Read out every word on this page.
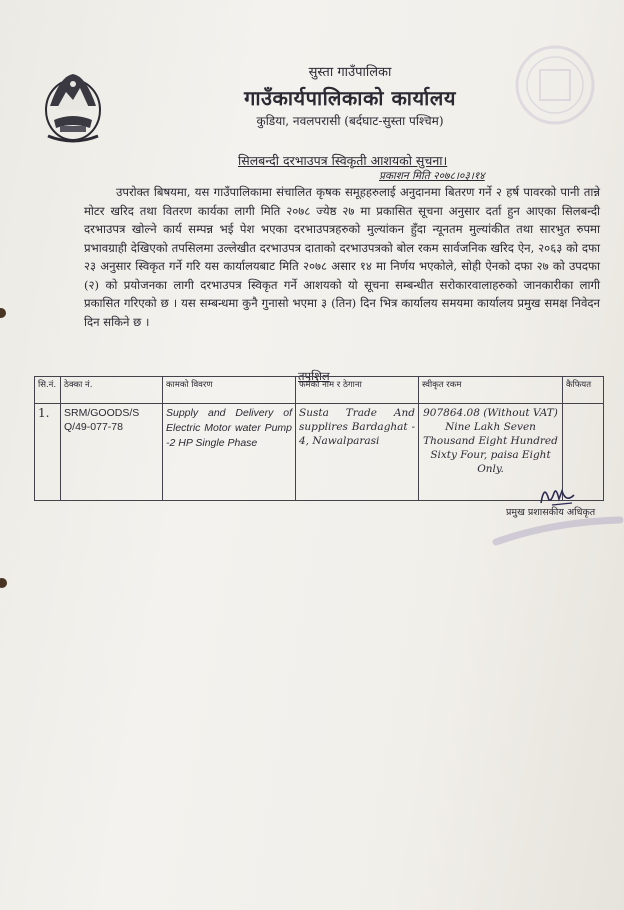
सुस्ता गाउँपालिका
गाउँकार्यपालिकाको कार्यालय
कुडिया, नवलपरासी (बर्दघाट-सुस्ता पश्चिम)
सिलबन्दी दरभाउपत्र स्विकृती आशयको सुचना।
प्रकाशन मिति २०७८।०३।१४
उपरोक्त बिषयमा, यस गाउँपालिकामा संचालित कृषक समूहहरुलाई अनुदानमा बितरण गर्ने २ हर्ष पावरको पानी तान्ने मोटर खरिद तथा वितरण कार्यका लागी मिति २०७८ ज्येष्ठ २७ मा प्रकासित सूचना अनुसार दर्ता हुन आएका सिलबन्दी दरभाउपत्र खोल्ने कार्य सम्पन्न भई पेश भएका दरभाउपत्रहरुको मुल्यांकन हुँदा न्यूनतम मुल्यांकीत तथा सारभुत रुपमा प्रभावग्राही देखिएको तपसिलमा उल्लेखीत दरभाउपत्र दाताको दरभाउपत्रको बोल रकम सार्वजनिक खरिद ऐन, २०६३ को दफा २३ अनुसार स्विकृत गर्ने गरि यस कार्यालयबाट मिति २०७८ असार १४ मा निर्णय भएकोले, सोही ऐनको दफा २७ को उपदफा (२) को प्रयोजनका लागी दरभाउपत्र स्विकृत गर्ने आशयको यो सूचना सम्बन्धीत सरोकारवालाहरुको जानकारीका लागी प्रकासित गरिएको छ । यस सम्बन्धमा कुनै गुनासो भएमा ३ (तिन) दिन भित्र कार्यालय समयमा कार्यालय प्रमुख समक्ष निवेदन दिन सकिने छ ।
तपशिल
सि.नं.	ठेक्का नं.	कामको विवरण	फर्मको नाम र ठेगाना	स्वीकृत रकम	कैफियत
1.	SRM/GOODS/S Q/49-077-78	Supply and Delivery of Electric Motor water Pump -2 HP Single Phase	Susta Trade And supplires Bardaghat - 4, Nawalparasi	907864.08 (Without VAT) Nine Lakh Seven Thousand Eight Hundred Sixty Four, paisa Eight Only.	
प्रमुख प्रशासकीय अधिकृत
